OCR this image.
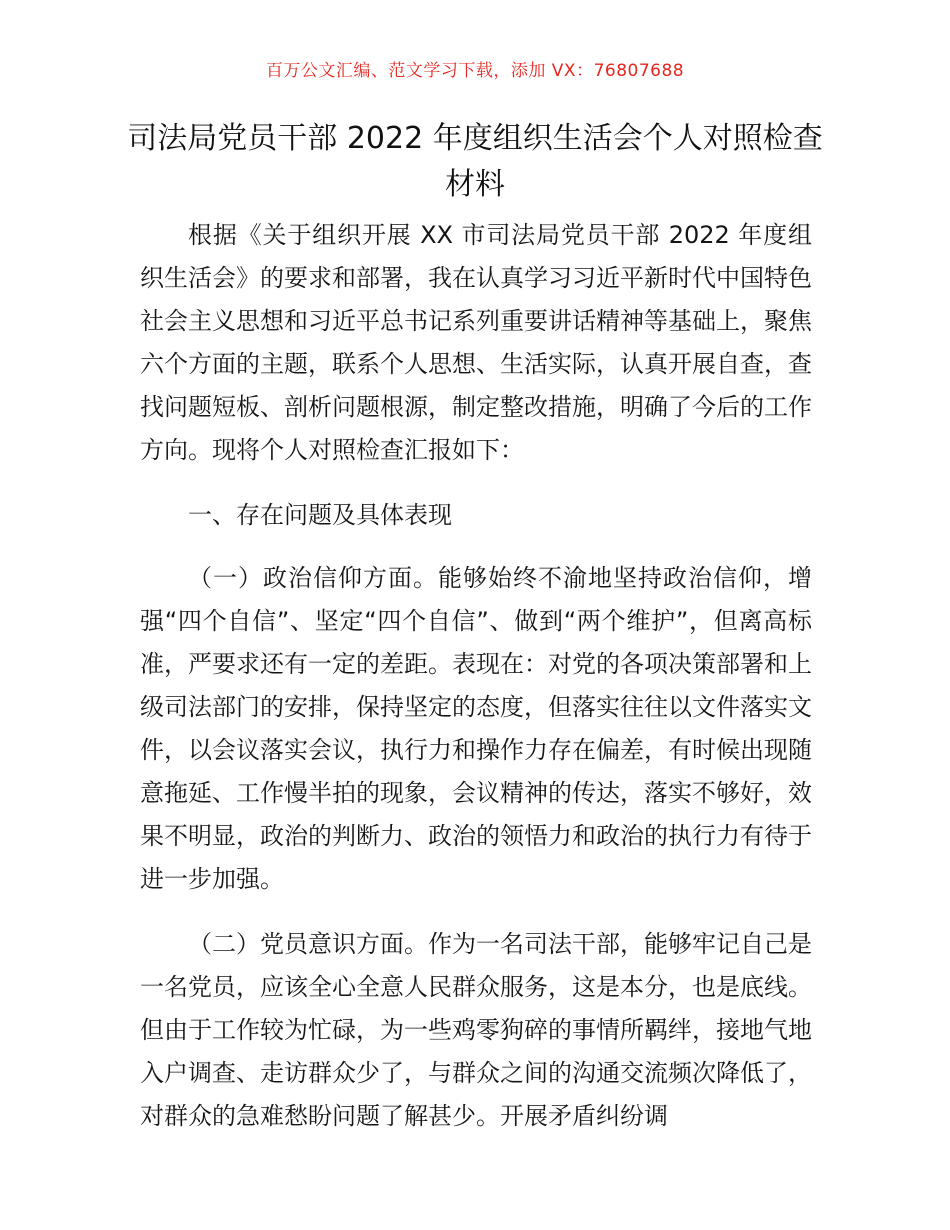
百万公文汇编、范文学习下载，添加 VX：76807688
司法局党员干部 2022 年度组织生活会个人对照检查材料

根据《关于组织开展 XX 市司法局党员干部 2022 年度组织生活会》的要求和部署，我在认真学习习近平新时代中国特色社会主义思想和习近平总书记系列重要讲话精神等基础上，聚焦六个方面的主题，联系个人思想、生活实际，认真开展自查，查找问题短板、剖析问题根源，制定整改措施，明确了今后的工作方向。现将个人对照检查汇报如下：

一、存在问题及具体表现

（一）政治信仰方面。能够始终不渝地坚持政治信仰，增强“四个自信”、坚定“四个自信”、做到“两个维护”，但离高标准，严要求还有一定的差距。表现在：对党的各项决策部署和上级司法部门的安排，保持坚定的态度，但落实往往以文件落实文件，以会议落实会议，执行力和操作力存在偏差，有时候出现随意拖延、工作慢半拍的现象，会议精神的传达，落实不够好，效果不明显，政治的判断力、政治的领悟力和政治的执行力有待于进一步加强。

（二）党员意识方面。作为一名司法干部，能够牢记自己是一名党员，应该全心全意人民群众服务，这是本分，也是底线。但由于工作较为忙碌，为一些鸡零狗碎的事情所羁绊，接地气地入户调查、走访群众少了，与群众之间的沟通交流频次降低了，对群众的急难愁盼问题了解甚少。开展矛盾纠纷调
